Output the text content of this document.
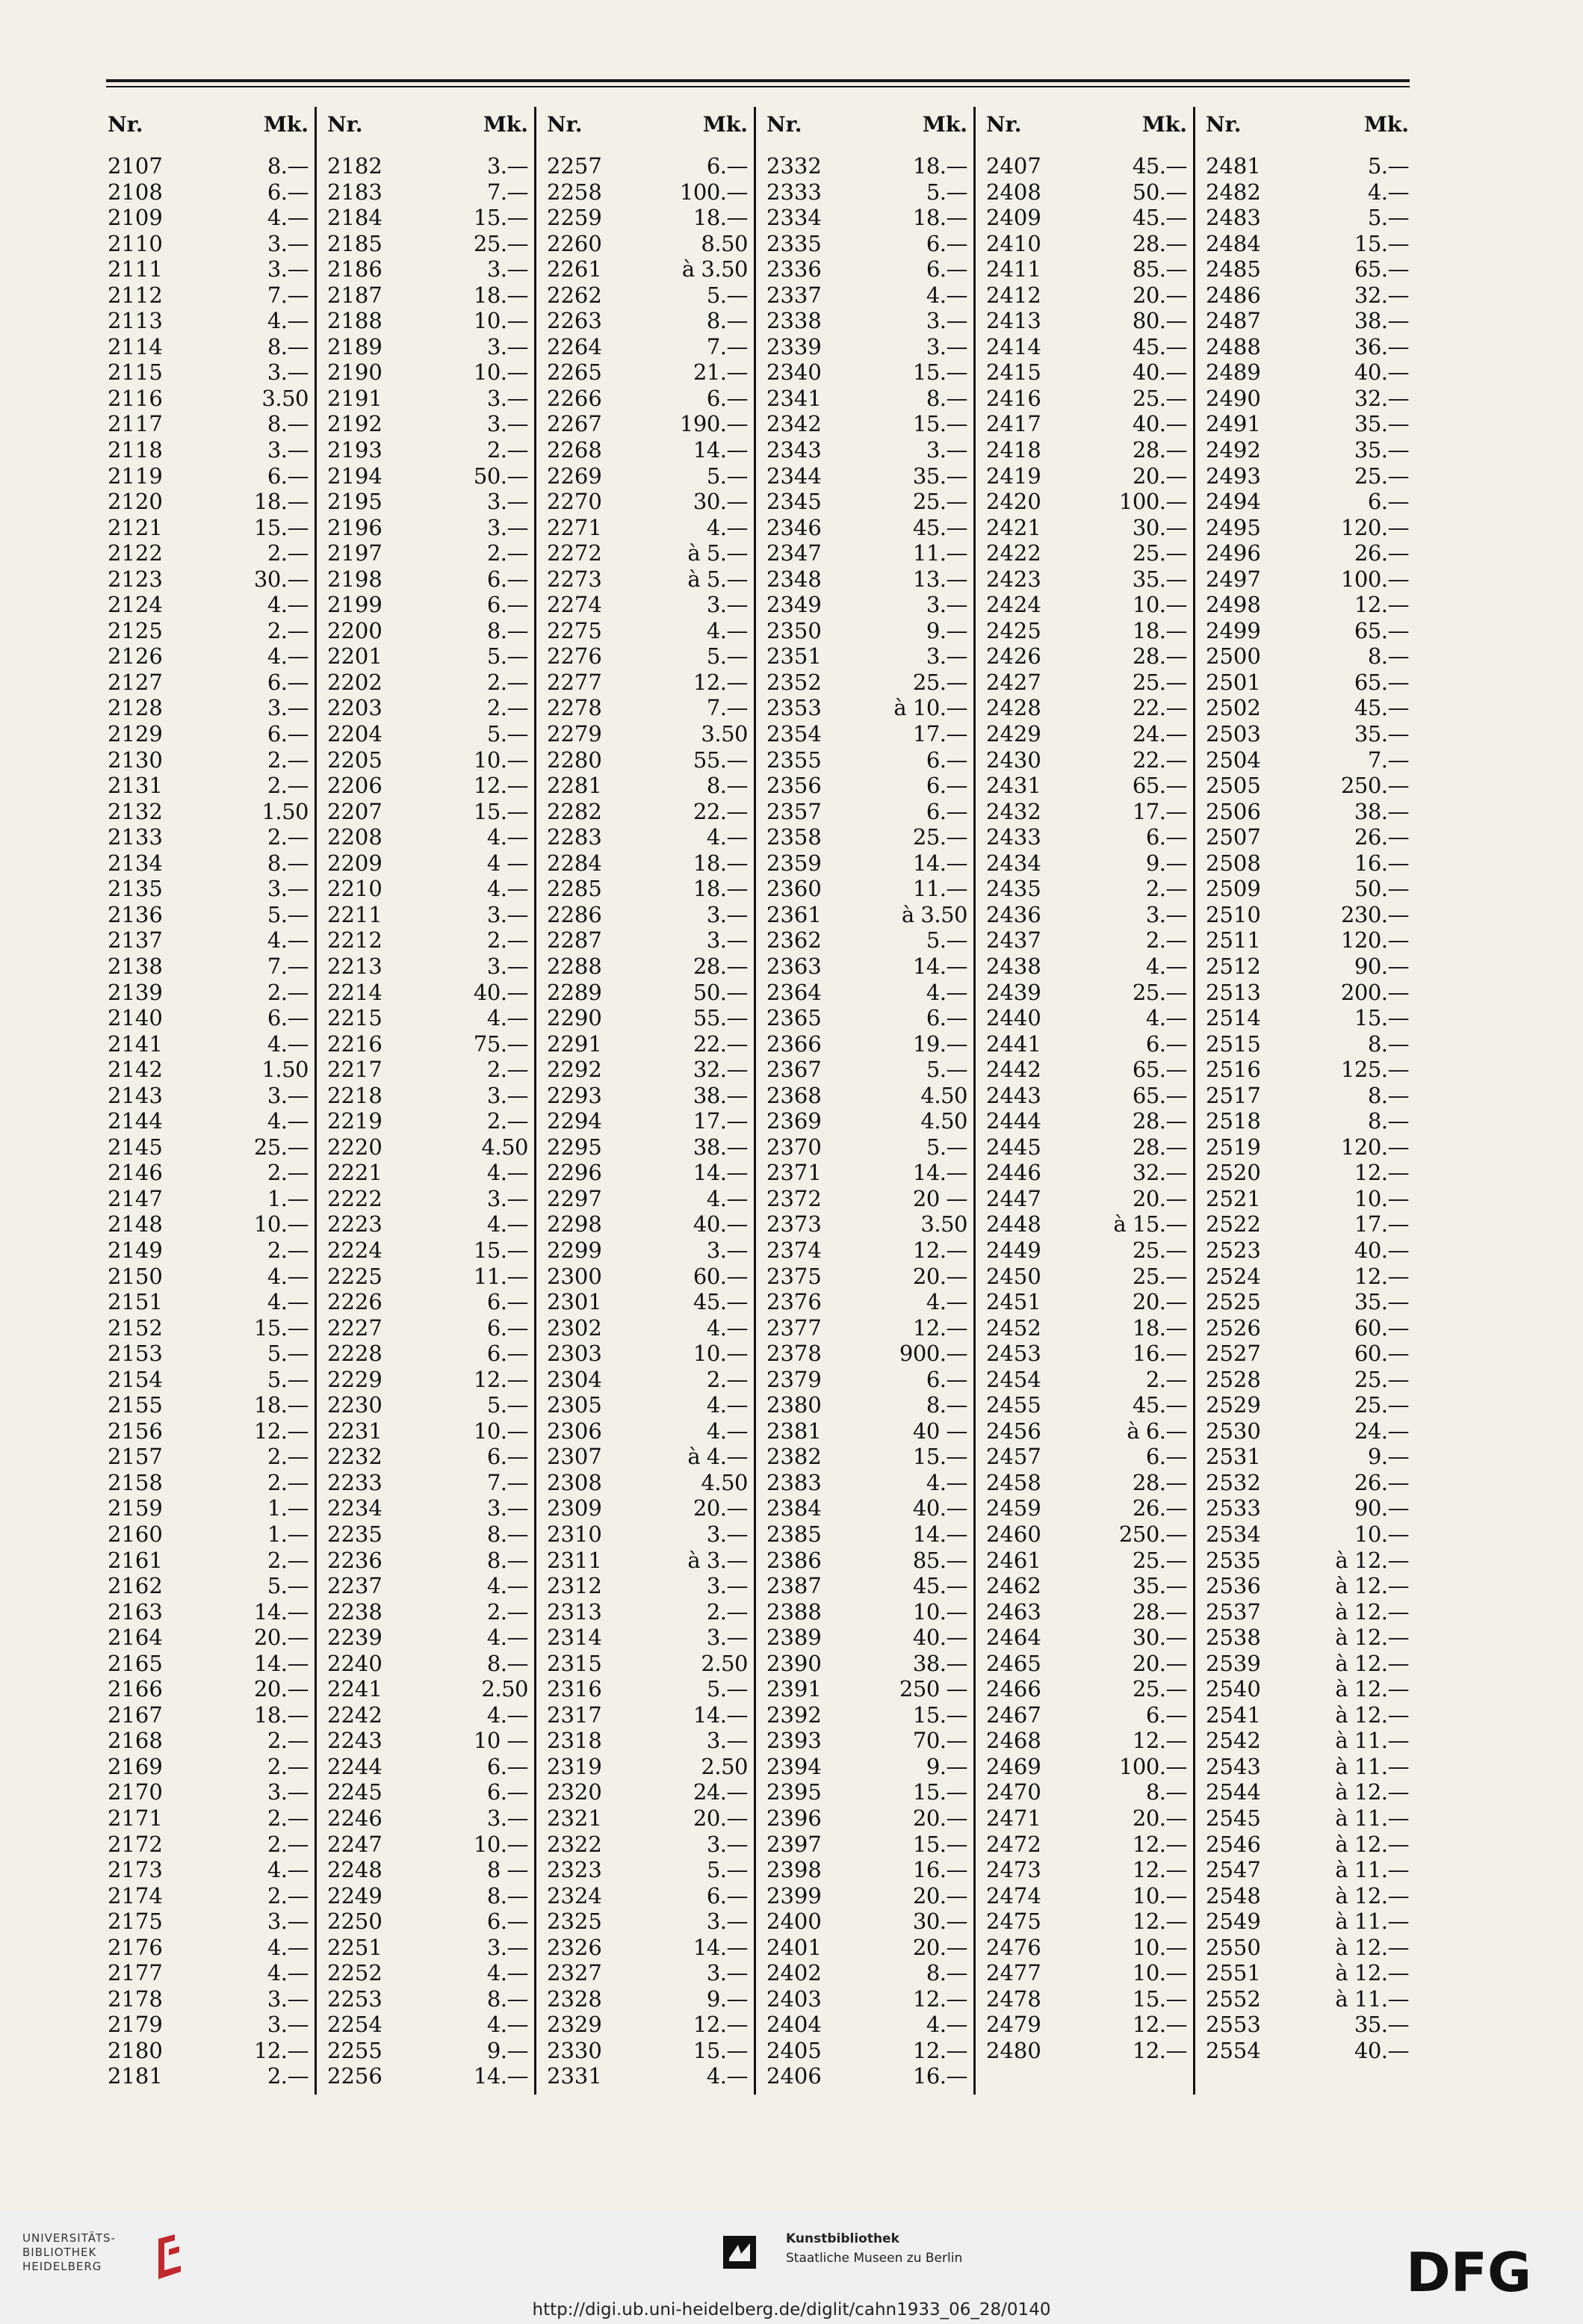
Nr.	Mk.
2107	8.—
2108	6.—
2109	4.—
2110	3.—
2111	3.—
2112	7.—
2113	4.—
2114	8.—
2115	3.—
2116	3.50
2117	8.—
2118	3.—
2119	6.—
2120	18.—
2121	15.—
2122	2.—
2123	30.—
2124	4.—
2125	2.—
2126	4.—
2127	6.—
2128	3.—
2129	6.—
2130	2.—
2131	2.—
2132	1.50
2133	2.—
2134	8.—
2135	3.—
2136	5.—
2137	4.—
2138	7.—
2139	2.—
2140	6.—
2141	4.—
2142	1.50
2143	3.—
2144	4.—
2145	25.—
2146	2.—
2147	1.—
2148	10.—
2149	2.—
2150	4.—
2151	4.—
2152	15.—
2153	5.—
2154	5.—
2155	18.—
2156	12.—
2157	2.—
2158	2.—
2159	1.—
2160	1.—
2161	2.—
2162	5.—
2163	14.—
2164	20.—
2165	14.—
2166	20.—
2167	18.—
2168	2.—
2169	2.—
2170	3.—
2171	2.—
2172	2.—
2173	4.—
2174	2.—
2175	3.—
2176	4.—
2177	4.—
2178	3.—
2179	3.—
2180	12.—
2181	2.—
Nr.	Mk.
2182	3.—
2183	7.—
2184	15.—
2185	25.—
2186	3.—
2187	18.—
2188	10.—
2189	3.—
2190	10.—
2191	3.—
2192	3.—
2193	2.—
2194	50.—
2195	3.—
2196	3.—
2197	2.—
2198	6.—
2199	6.—
2200	8.—
2201	5.—
2202	2.—
2203	2.—
2204	5.—
2205	10.—
2206	12.—
2207	15.—
2208	4.—
2209	4 —
2210	4.—
2211	3.—
2212	2.—
2213	3.—
2214	40.—
2215	4.—
2216	75.—
2217	2.—
2218	3.—
2219	2.—
2220	4.50
2221	4.—
2222	3.—
2223	4.—
2224	15.—
2225	11.—
2226	6.—
2227	6.—
2228	6.—
2229	12.—
2230	5.—
2231	10.—
2232	6.—
2233	7.—
2234	3.—
2235	8.—
2236	8.—
2237	4.—
2238	2.—
2239	4.—
2240	8.—
2241	2.50
2242	4.—
2243	10 —
2244	6.—
2245	6.—
2246	3.—
2247	10.—
2248	8 —
2249	8.—
2250	6.—
2251	3.—
2252	4.—
2253	8.—
2254	4.—
2255	9.—
2256	14.—
Nr.	Mk.
2257	6.—
2258	100.—
2259	18.—
2260	8.50
2261	à 3.50
2262	5.—
2263	8.—
2264	7.—
2265	21.—
2266	6.—
2267	190.—
2268	14.—
2269	5.—
2270	30.—
2271	4.—
2272	à 5.—
2273	à 5.—
2274	3.—
2275	4.—
2276	5.—
2277	12.—
2278	7.—
2279	3.50
2280	55.—
2281	8.—
2282	22.—
2283	4.—
2284	18.—
2285	18.—
2286	3.—
2287	3.—
2288	28.—
2289	50.—
2290	55.—
2291	22.—
2292	32.—
2293	38.—
2294	17.—
2295	38.—
2296	14.—
2297	4.—
2298	40.—
2299	3.—
2300	60.—
2301	45.—
2302	4.—
2303	10.—
2304	2.—
2305	4.—
2306	4.—
2307	à 4.—
2308	4.50
2309	20.—
2310	3.—
2311	à 3.—
2312	3.—
2313	2.—
2314	3.—
2315	2.50
2316	5.—
2317	14.—
2318	3.—
2319	2.50
2320	24.—
2321	20.—
2322	3.—
2323	5.—
2324	6.—
2325	3.—
2326	14.—
2327	3.—
2328	9.—
2329	12.—
2330	15.—
2331	4.—
Nr.	Mk.
2332	18.—
2333	5.—
2334	18.—
2335	6.—
2336	6.—
2337	4.—
2338	3.—
2339	3.—
2340	15.—
2341	8.—
2342	15.—
2343	3.—
2344	35.—
2345	25.—
2346	45.—
2347	11.—
2348	13.—
2349	3.—
2350	9.—
2351	3.—
2352	25.—
2353	à 10.—
2354	17.—
2355	6.—
2356	6.—
2357	6.—
2358	25.—
2359	14.—
2360	11.—
2361	à 3.50
2362	5.—
2363	14.—
2364	4.—
2365	6.—
2366	19.—
2367	5.—
2368	4.50
2369	4.50
2370	5.—
2371	14.—
2372	20 —
2373	3.50
2374	12.—
2375	20.—
2376	4.—
2377	12.—
2378	900.—
2379	6.—
2380	8.—
2381	40 —
2382	15.—
2383	4.—
2384	40.—
2385	14.—
2386	85.—
2387	45.—
2388	10.—
2389	40.—
2390	38.—
2391	250 —
2392	15.—
2393	70.—
2394	9.—
2395	15.—
2396	20.—
2397	15.—
2398	16.—
2399	20.—
2400	30.—
2401	20.—
2402	8.—
2403	12.—
2404	4.—
2405	12.—
2406	16.—
Nr.	Mk.
2407	45.—
2408	50.—
2409	45.—
2410	28.—
2411	85.—
2412	20.—
2413	80.—
2414	45.—
2415	40.—
2416	25.—
2417	40.—
2418	28.—
2419	20.—
2420	100.—
2421	30.—
2422	25.—
2423	35.—
2424	10.—
2425	18.—
2426	28.—
2427	25.—
2428	22.—
2429	24.—
2430	22.—
2431	65.—
2432	17.—
2433	6.—
2434	9.—
2435	2.—
2436	3.—
2437	2.—
2438	4.—
2439	25.—
2440	4.—
2441	6.—
2442	65.—
2443	65.—
2444	28.—
2445	28.—
2446	32.—
2447	20.—
2448	à 15.—
2449	25.—
2450	25.—
2451	20.—
2452	18.—
2453	16.—
2454	2.—
2455	45.—
2456	à 6.—
2457	6.—
2458	28.—
2459	26.—
2460	250.—
2461	25.—
2462	35.—
2463	28.—
2464	30.—
2465	20.—
2466	25.—
2467	6.—
2468	12.—
2469	100.—
2470	8.—
2471	20.—
2472	12.—
2473	12.—
2474	10.—
2475	12.—
2476	10.—
2477	10.—
2478	15.—
2479	12.—
2480	12.—
Nr.	Mk.
2481	5.—
2482	4.—
2483	5.—
2484	15.—
2485	65.—
2486	32.—
2487	38.—
2488	36.—
2489	40.—
2490	32.—
2491	35.—
2492	35.—
2493	25.—
2494	6.—
2495	120.—
2496	26.—
2497	100.—
2498	12.—
2499	65.—
2500	8.—
2501	65.—
2502	45.—
2503	35.—
2504	7.—
2505	250.—
2506	38.—
2507	26.—
2508	16.—
2509	50.—
2510	230.—
2511	120.—
2512	90.—
2513	200.—
2514	15.—
2515	8.—
2516	125.—
2517	8.—
2518	8.—
2519	120.—
2520	12.—
2521	10.—
2522	17.—
2523	40.—
2524	12.—
2525	35.—
2526	60.—
2527	60.—
2528	25.—
2529	25.—
2530	24.—
2531	9.—
2532	26.—
2533	90.—
2534	10.—
2535	à 12.—
2536	à 12.—
2537	à 12.—
2538	à 12.—
2539	à 12.—
2540	à 12.—
2541	à 12.—
2542	à 11.—
2543	à 11.—
2544	à 12.—
2545	à 11.—
2546	à 12.—
2547	à 11.—
2548	à 12.—
2549	à 11.—
2550	à 12.—
2551	à 12.—
2552	à 11.—
2553	35.—
2554	40.—
UNIVERSITÄTS-
BIBLIOTHEK
HEIDELBERG
Kunstbibliothek
Staatliche Museen zu Berlin	DFG
http://digi.ub.uni-heidelberg.de/diglit/cahn1933_06_28/0140
